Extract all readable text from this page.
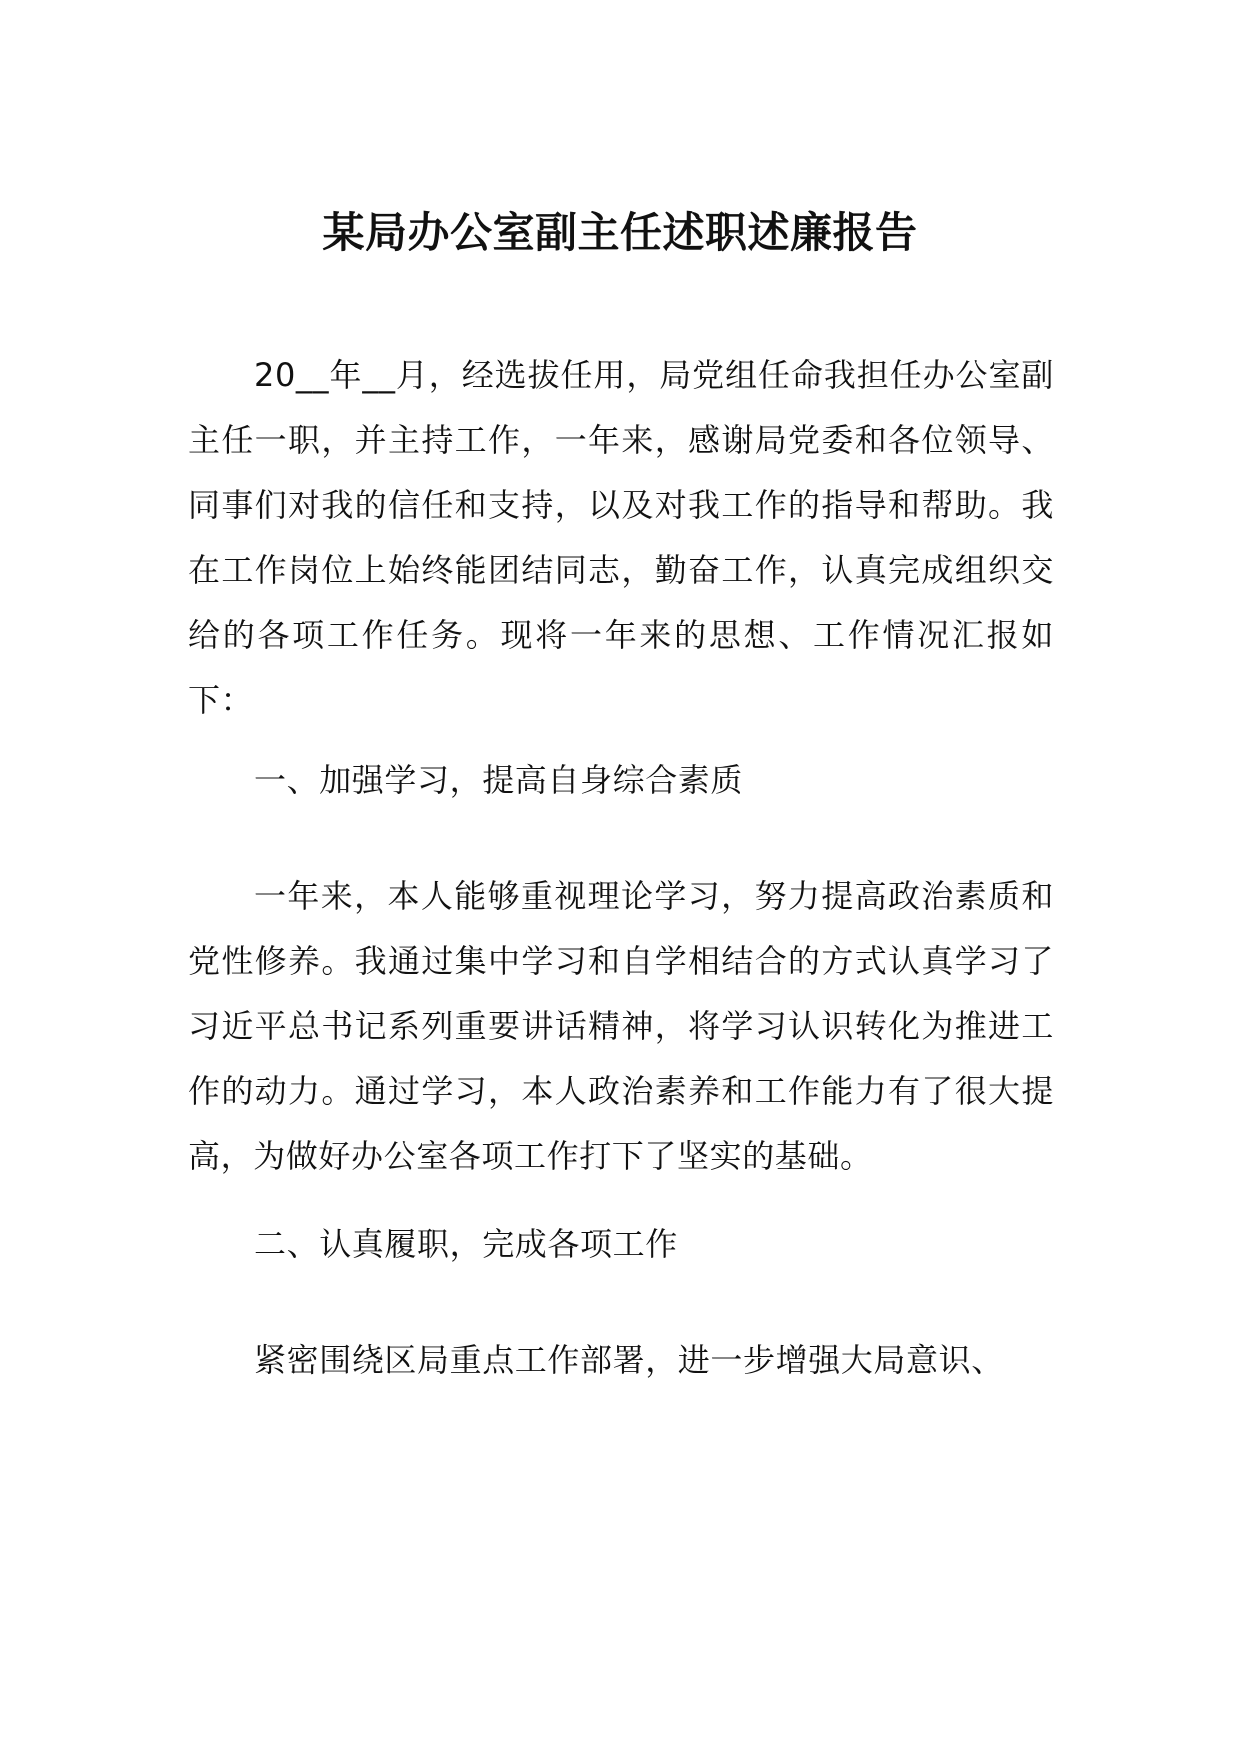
某局办公室副主任述职述廉报告

20__年__月，经选拔任用，局党组任命我担任办公室副主任一职，并主持工作，一年来，感谢局党委和各位领导、同事们对我的信任和支持，以及对我工作的指导和帮助。我在工作岗位上始终能团结同志，勤奋工作，认真完成组织交给的各项工作任务。现将一年来的思想、工作情况汇报如下：

一、加强学习，提高自身综合素质

一年来，本人能够重视理论学习，努力提高政治素质和党性修养。我通过集中学习和自学相结合的方式认真学习了习近平总书记系列重要讲话精神，将学习认识转化为推进工作的动力。通过学习，本人政治素养和工作能力有了很大提高，为做好办公室各项工作打下了坚实的基础。

二、认真履职，完成各项工作

紧密围绕区局重点工作部署，进一步增强大局意识、
